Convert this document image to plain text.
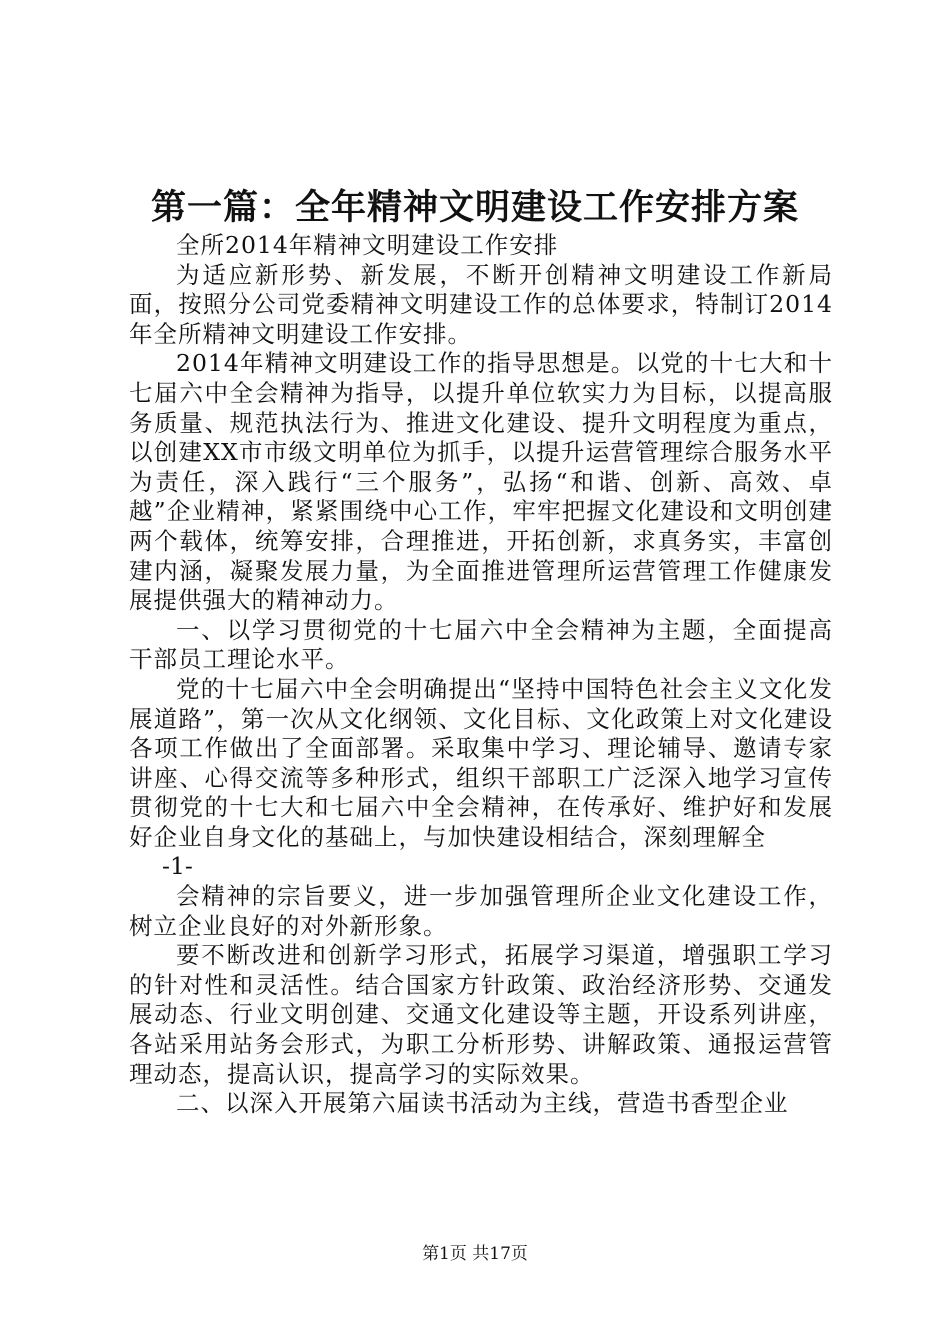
第一篇：全年精神文明建设工作安排方案

全所2014年精神文明建设工作安排

为适应新形势、新发展，不断开创精神文明建设工作新局面，按照分公司党委精神文明建设工作的总体要求，特制订2014年全所精神文明建设工作安排。

2014年精神文明建设工作的指导思想是。以党的十七大和十七届六中全会精神为指导，以提升单位软实力为目标，以提高服务质量、规范执法行为、推进文化建设、提升文明程度为重点，以创建XX市市级文明单位为抓手，以提升运营管理综合服务水平为责任，深入践行“三个服务”，弘扬“和谐、创新、高效、卓越”企业精神，紧紧围绕中心工作，牢牢把握文化建设和文明创建两个载体，统筹安排，合理推进，开拓创新，求真务实，丰富创建内涵，凝聚发展力量，为全面推进管理所运营管理工作健康发展提供强大的精神动力。

一、以学习贯彻党的十七届六中全会精神为主题，全面提高干部员工理论水平。

党的十七届六中全会明确提出“坚持中国特色社会主义文化发展道路”，第一次从文化纲领、文化目标、文化政策上对文化建设各项工作做出了全面部署。采取集中学习、理论辅导、邀请专家讲座、心得交流等多种形式，组织干部职工广泛深入地学习宣传贯彻党的十七大和七届六中全会精神，在传承好、维护好和发展好企业自身文化的基础上，与加快建设相结合，深刻理解全

-1-

会精神的宗旨要义，进一步加强管理所企业文化建设工作，树立企业良好的对外新形象。

要不断改进和创新学习形式，拓展学习渠道，增强职工学习的针对性和灵活性。结合国家方针政策、政治经济形势、交通发展动态、行业文明创建、交通文化建设等主题，开设系列讲座，各站采用站务会形式，为职工分析形势、讲解政策、通报运营管理动态，提高认识，提高学习的实际效果。

二、以深入开展第六届读书活动为主线，营造书香型企业

第1页 共17页
